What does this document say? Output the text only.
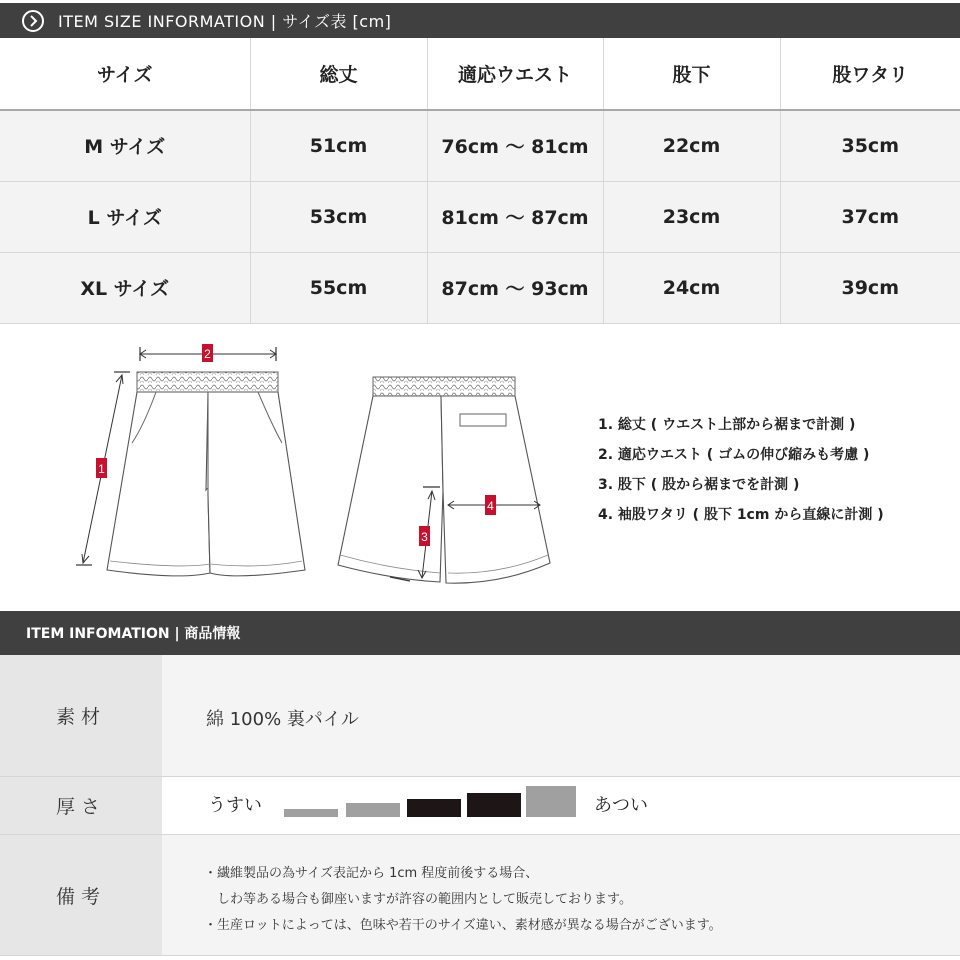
ITEM SIZE INFORMATION | サイズ表 [cm]
サイズ	総丈	適応ウエスト	股下	股ワタリ
M サイズ	51cm	76cm 〜 81cm	22cm	35cm
L サイズ	53cm	81cm 〜 87cm	23cm	37cm
XL サイズ	55cm	87cm 〜 93cm	24cm	39cm
2
1
4
3
1. 総丈 ( ウエスト上部から裾まで計測 )
2. 適応ウエスト ( ゴムの伸び縮みも考慮 )
3. 股下 ( 股から裾までを計測 )
4. 袖股ワタリ ( 股下 1cm から直線に計測 )
ITEM INFOMATION | 商品情報
素材	綿 100% 裏パイル
厚さ	うすい	あつい
備考
・繊維製品の為サイズ表記から 1cm 程度前後する場合、
　しわ等ある場合も御座いますが許容の範囲内として販売しております。
・生産ロットによっては、色味や若干のサイズ違い、素材感が異なる場合がございます。
